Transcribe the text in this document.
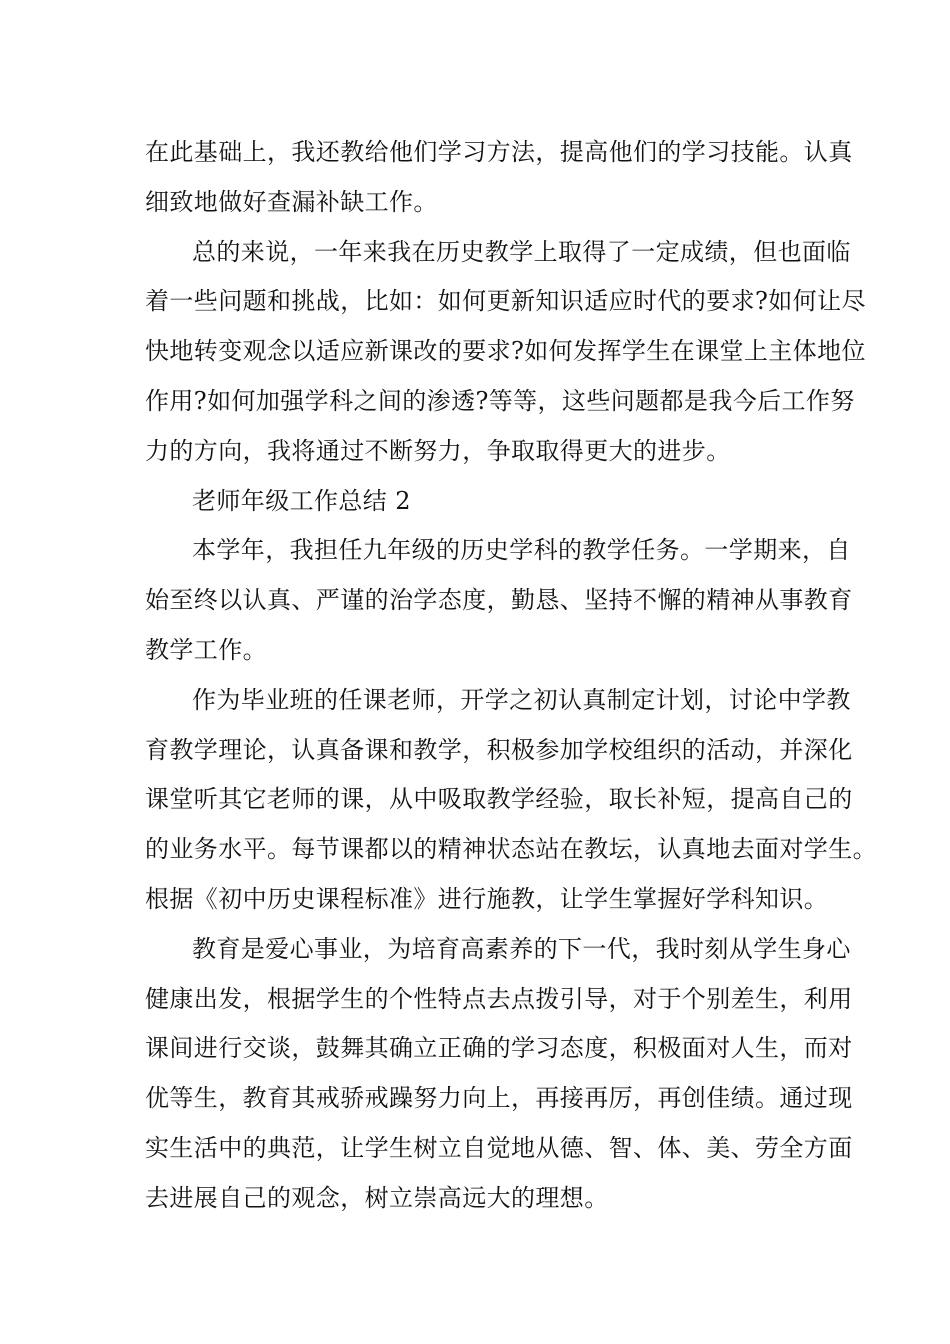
在此基础上，我还教给他们学习方法，提高他们的学习技能。认真
细致地做好查漏补缺工作。
总的来说，一年来我在历史教学上取得了一定成绩，但也面临
着一些问题和挑战，比如：如何更新知识适应时代的要求?如何让尽
快地转变观念以适应新课改的要求?如何发挥学生在课堂上主体地位
作用?如何加强学科之间的渗透?等等，这些问题都是我今后工作努
力的方向，我将通过不断努力，争取取得更大的进步。
老师年级工作总结 2
本学年，我担任九年级的历史学科的教学任务。一学期来，自
始至终以认真、严谨的治学态度，勤恳、坚持不懈的精神从事教育
教学工作。
作为毕业班的任课老师，开学之初认真制定计划，讨论中学教
育教学理论，认真备课和教学，积极参加学校组织的活动，并深化
课堂听其它老师的课，从中吸取教学经验，取长补短，提高自己的
的业务水平。每节课都以的精神状态站在教坛，认真地去面对学生。
根据《初中历史课程标准》进行施教，让学生掌握好学科知识。
教育是爱心事业，为培育高素养的下一代，我时刻从学生身心
健康出发，根据学生的个性特点去点拨引导，对于个别差生，利用
课间进行交谈，鼓舞其确立正确的学习态度，积极面对人生，而对
优等生，教育其戒骄戒躁努力向上，再接再厉，再创佳绩。通过现
实生活中的典范，让学生树立自觉地从德、智、体、美、劳全方面
去进展自己的观念，树立崇高远大的理想。
